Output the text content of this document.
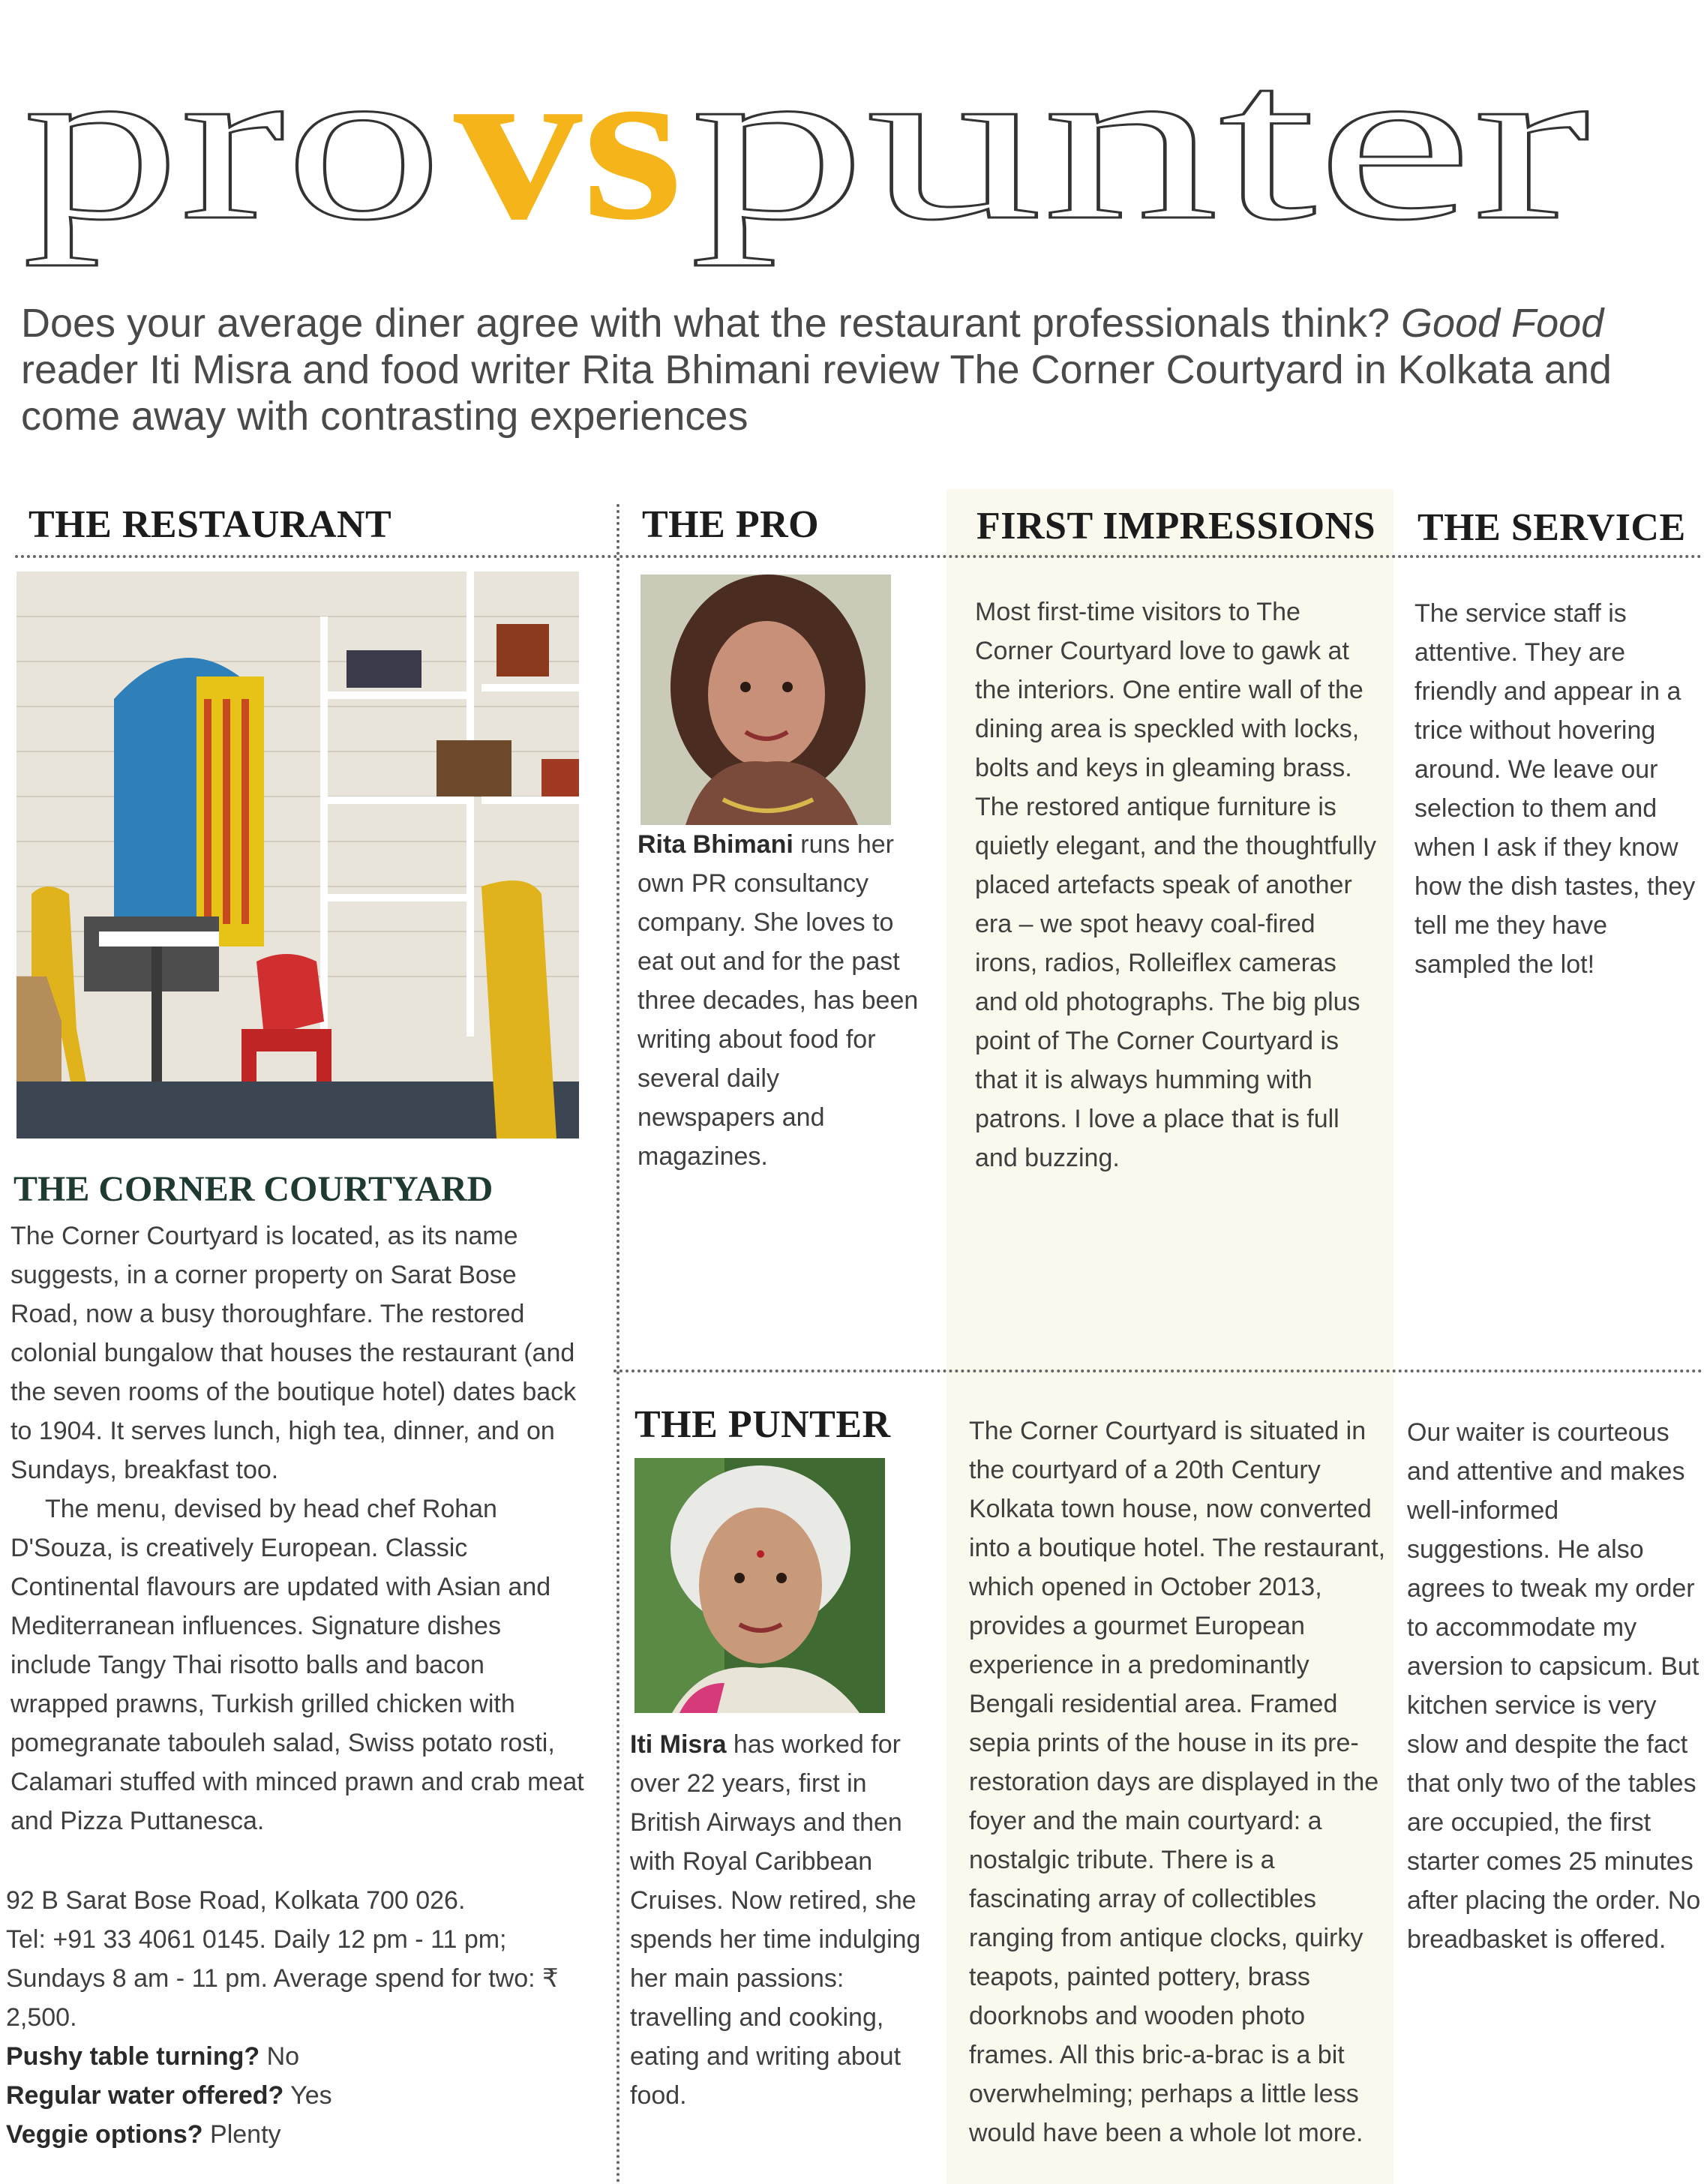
pro vs punter
Does your average diner agree with what the restaurant professionals think? Good Food reader Iti Misra and food writer Rita Bhimani review The Corner Courtyard in Kolkata and come away with contrasting experiences
THE RESTAURANT	THE PRO	FIRST IMPRESSIONS THE SERVICE
THE CORNER COURTYARD

The Corner Courtyard is located, as its name suggests, in a corner property on Sarat Bose Road, now a busy thoroughfare. The restored colonial bungalow that houses the restaurant (and the seven rooms of the boutique hotel) dates back to 1904. It serves lunch, high tea, dinner, and on Sundays, breakfast too.

The menu, devised by head chef Rohan D'Souza, is creatively European. Classic Continental flavours are updated with Asian and Mediterranean influences. Signature dishes include Tangy Thai risotto balls and bacon wrapped prawns, Turkish grilled chicken with pomegranate tabouleh salad, Swiss potato rosti, Calamari stuffed with minced prawn and crab meat and Pizza Puttanesca.

92 B Sarat Bose Road, Kolkata 700 026.

Tel: +91 33 4061 0145. Daily 12 pm - 11 pm; Sundays 8 am - 11 pm. Average spend for two: ₹ 2,500.

Pushy table turning? No

Regular water offered? Yes

Veggie options? Plenty

Rita Bhimani runs her own PR consultancy company. She loves to eat out and for the past three decades, has been writing about food for several daily newspapers and magazines.

Most first-time visitors to The Corner Courtyard love to gawk at the interiors. One entire wall of the dining area is speckled with locks, bolts and keys in gleaming brass. The restored antique furniture is quietly elegant, and the thoughtfully placed artefacts speak of another era – we spot heavy coal-fired irons, radios, Rolleiflex cameras and old photographs. The big plus point of The Corner Courtyard is that it is always humming with patrons. I love a place that is full and buzzing.
The service staff is attentive. They are friendly and appear in a trice without hovering around. We leave our selection to them and when I ask if they know how the dish tastes, they tell me they have sampled the lot!
THE PUNTER

Iti Misra has worked for over 22 years, first in British Airways and then with Royal Caribbean Cruises. Now retired, she spends her time indulging her main passions: travelling and cooking, eating and writing about food.

The Corner Courtyard is situated in the courtyard of a 20th Century Kolkata town house, now converted into a boutique hotel. The restaurant, which opened in October 2013, provides a gourmet European experience in a predominantly Bengali residential area. Framed sepia prints of the house in its pre-restoration days are displayed in the foyer and the main courtyard: a nostalgic tribute. There is a fascinating array of collectibles ranging from antique clocks, quirky teapots, painted pottery, brass doorknobs and wooden photo frames. All this bric-a-brac is a bit overwhelming; perhaps a little less would have been a whole lot more.
Our waiter is courteous and attentive and makes well-informed suggestions. He also agrees to tweak my order to accommodate my aversion to capsicum. But kitchen service is very slow and despite the fact that only two of the tables are occupied, the first starter comes 25 minutes after placing the order. No breadbasket is offered.
